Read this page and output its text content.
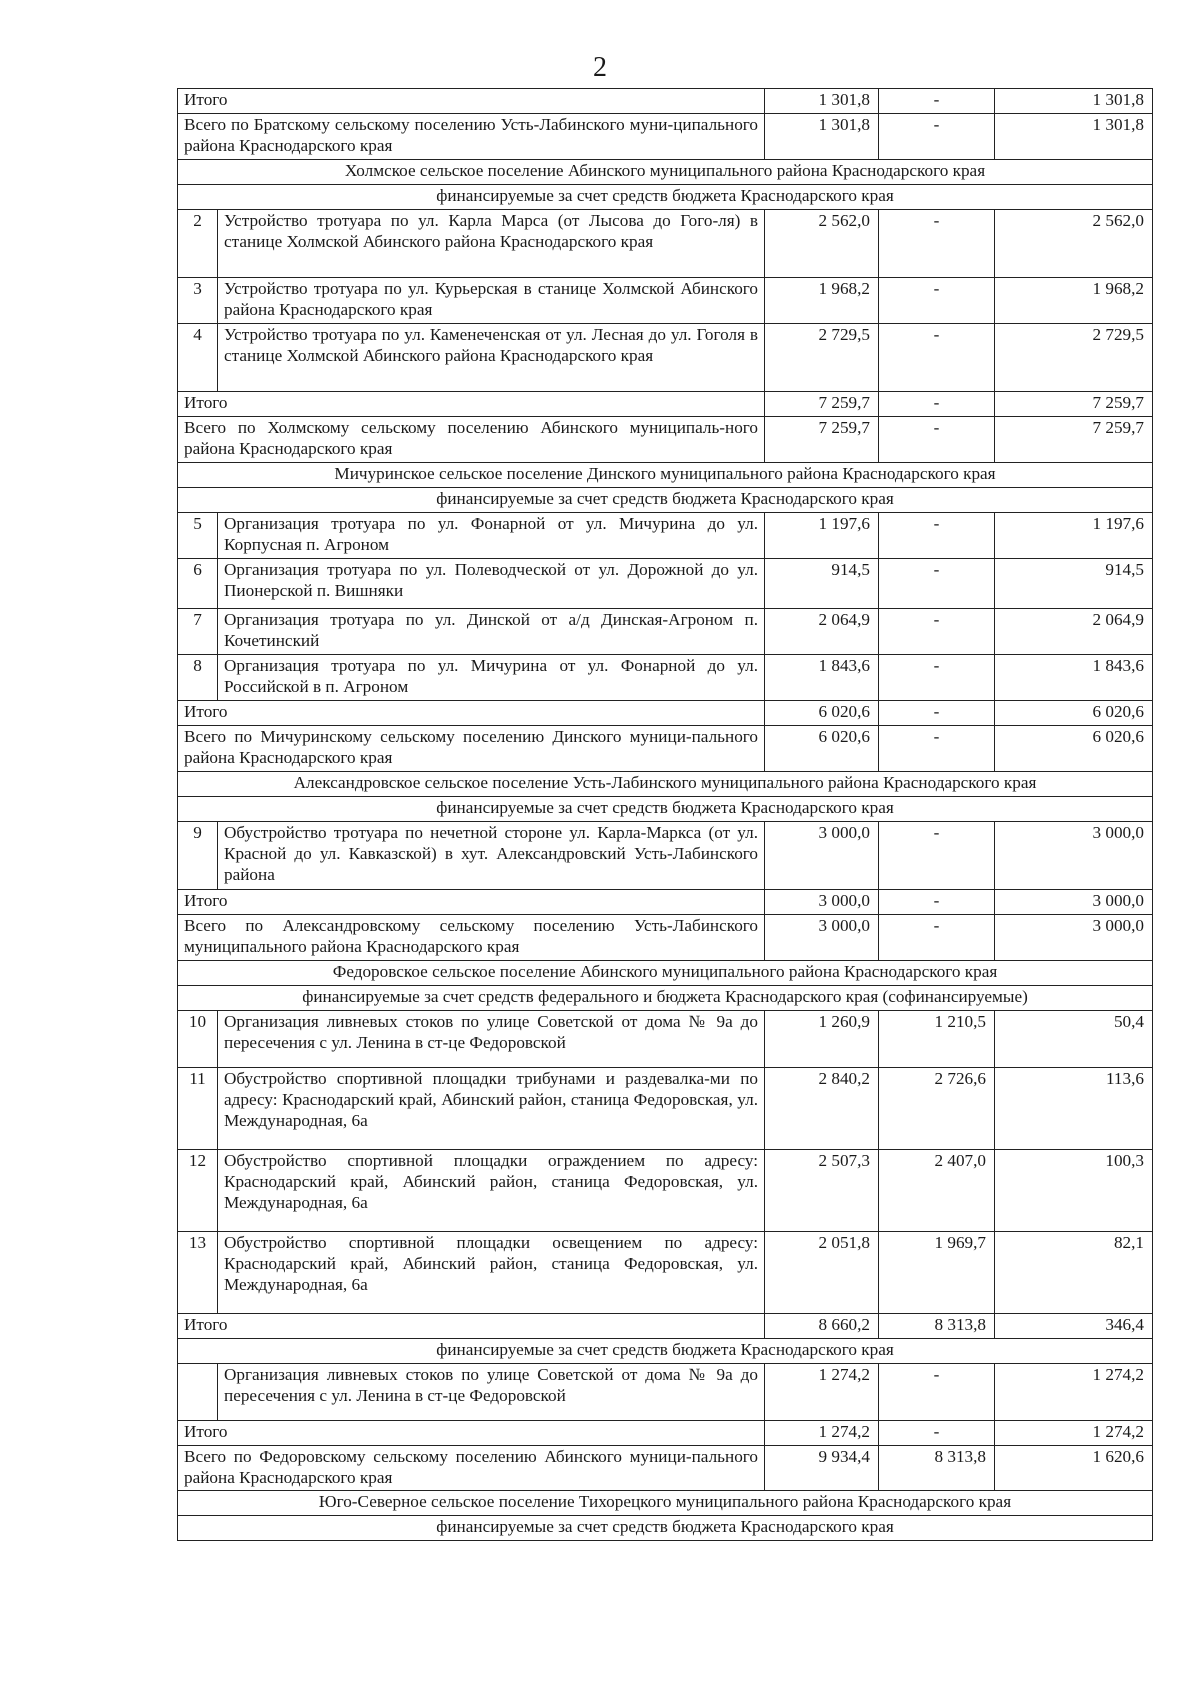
2
Итого		1 301,8	-	1 301,8
Всего по Братскому сельскому поселению Усть-Лабинского муни-ципального района Краснодарского края		1 301,8	-	1 301,8
Холмское сельское поселение Абинского муниципального района Краснодарского края				
финансируемые за счет средств бюджета Краснодарского края				
2	Устройство тротуара по ул. Карла Марса (от Лысова до Гого-ля) в станице Холмской Абинского района Краснодарского края	2 562,0	-	2 562,0
3	Устройство тротуара по ул. Курьерская в станице Холмской Абинского района Краснодарского края	1 968,2	-	1 968,2
4	Устройство тротуара по ул. Каменеченская от ул. Лесная до ул. Гоголя в станице Холмской Абинского района Краснодарского края	2 729,5	-	2 729,5
Итого		7 259,7	-	7 259,7
Всего по Холмскому сельскому поселению Абинского муниципаль-ного района Краснодарского края		7 259,7	-	7 259,7
Мичуринское сельское поселение Динского муниципального района Краснодарского края				
финансируемые за счет средств бюджета Краснодарского края				
5	Организация тротуара по ул. Фонарной от ул. Мичурина до ул. Корпусная п. Агроном	1 197,6	-	1 197,6
6	Организация тротуара по ул. Полеводческой от ул. Дорожной до ул. Пионерской п. Вишняки	914,5	-	914,5
7	Организация тротуара по ул. Динской от а/д Динская-Агроном п. Кочетинский	2 064,9	-	2 064,9
8	Организация тротуара по ул. Мичурина от ул. Фонарной до ул. Российской в п. Агроном	1 843,6	-	1 843,6
Итого		6 020,6	-	6 020,6
Всего по Мичуринскому сельскому поселению Динского муници-пального района Краснодарского края		6 020,6	-	6 020,6
Александровское сельское поселение Усть-Лабинского муниципального района Краснодарского края				
финансируемые за счет средств бюджета Краснодарского края				
9	Обустройство тротуара по нечетной стороне ул. Карла-Маркса (от ул. Красной до ул. Кавказской) в хут. Александровский Усть-Лабинского района	3 000,0	-	3 000,0
Итого		3 000,0	-	3 000,0
Всего по Александровскому сельскому поселению Усть-Лабинского муниципального района Краснодарского края		3 000,0	-	3 000,0
Федоровское сельское поселение Абинского муниципального района Краснодарского края				
финансируемые за счет средств федерального и бюджета Краснодарского края (софинансируемые)				
10	Организация ливневых стоков по улице Советской от дома № 9а до пересечения с ул. Ленина в ст-це Федоровской	1 260,9	1 210,5	50,4
11	Обустройство спортивной площадки трибунами и раздевалка-ми по адресу: Краснодарский край, Абинский район, станица Федоровская, ул. Международная, 6а	2 840,2	2 726,6	113,6
12	Обустройство спортивной площадки ограждением по адресу: Краснодарский край, Абинский район, станица Федоровская, ул. Международная, 6а	2 507,3	2 407,0	100,3
13	Обустройство спортивной площадки освещением по адресу: Краснодарский край, Абинский район, станица Федоровская, ул. Международная, 6а	2 051,8	1 969,7	82,1
Итого		8 660,2	8 313,8	346,4
финансируемые за счет средств бюджета Краснодарского края				
	Организация ливневых стоков по улице Советской от дома № 9а до пересечения с ул. Ленина в ст-це Федоровской	1 274,2	-	1 274,2
Итого		1 274,2	-	1 274,2
Всего по Федоровскому сельскому поселению Абинского муници-пального района Краснодарского края		9 934,4	8 313,8	1 620,6
Юго-Северное сельское поселение Тихорецкого муниципального района Краснодарского края				
финансируемые за счет средств бюджета Краснодарского края				
